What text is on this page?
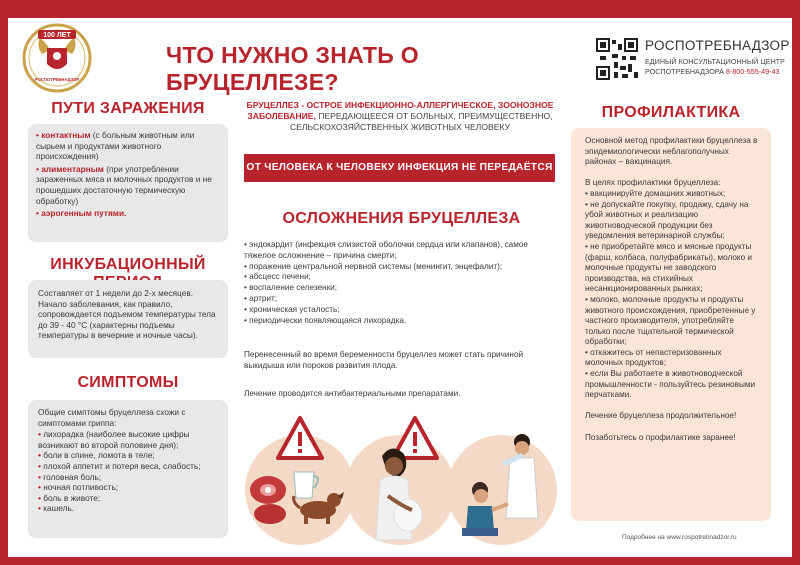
100 ЛЕТ
РОСПОТРЕБНАДЗОР
ЧТО НУЖНО ЗНАТЬ О БРУЦЕЛЛЕЗЕ?
РОСПОТРЕБНАДЗОР
ЕДИНЫЙ КОНСУЛЬТАЦИОННЫЙ ЦЕНТР
РОСПОТРЕБНАДЗОРА 8-800-555-49-43
ПУТИ ЗАРАЖЕНИЯ
• контактным (с больным животным или сырьем и продуктами животного происхождения)
• алиментарным (при употреблении зараженных мяса и молочных продуктов и не прошедших достаточную термическую обработку)
• аэрогенным путями.
ИНКУБАЦИОННЫЙ
Составляет от 1 недели до 2-х месяцев. Начало заболевания, как правило, сопровождается подъемом температуры тела до 39 - 40 °С (характерны подъемы температуры в вечерние и ночные часы).
СИМПТОМЫ
Общие симптомы бруцеллеза схожи с симптомами гриппа:
• лихорадка (наиболее высокие цифры возникают во второй половине дня);
• боли в спине, ломота в теле;
• плохой аппетит и потеря веса, слабость;
• головная боль;
• ночная потливость;
• боль в животе;
• кашель.
БРУЦЕЛЛЕЗ - ОСТРОЕ ИНФЕКЦИОННО-АЛЛЕРГИЧЕСКОЕ, ЗООНОЗНОЕ ЗАБОЛЕВАНИЕ, ПЕРЕДАЮЩЕЕСЯ ОТ БОЛЬНЫХ, ПРЕИМУЩЕСТВЕННО, СЕЛЬСКОХОЗЯЙСТВЕННЫХ ЖИВОТНЫХ ЧЕЛОВЕКУ
ОТ ЧЕЛОВЕКА К ЧЕЛОВЕКУ ИНФЕКЦИЯ НЕ ПЕРЕДАЁТСЯ
ОСЛОЖНЕНИЯ БРУЦЕЛЛЕЗА
• эндокардит (инфекция слизистой оболочки сердца или клапанов), самое тяжелое осложнение – причина смерти;
• поражение центральной нервной системы (менингит, энцефалит);
• абсцесс печени;
• воспаление селезенки;
• артрит;
• хроническая усталость;
• периодически появляющаяся лихорадка.
Перенесенный во время беременности бруцеллез может стать причиной выкидыша или пороков развития плода.
Лечение проводится антибактериальными препаратами.
ПРОФИЛАКТИКА
Основной метод профилактики бруцеллеза в эпидемиологически неблагополучных районах – вакцинация.
В целях профилактики бруцеллеза:
• вакцинируйте домашних животных;
• не допускайте покупку, продажу, сдачу на убой животных и реализацию животноводческой продукции без уведомления ветеринарной службы;
• не приобретайте мясо и мясные продукты (фарш, колбаса, полуфабрикаты), молоко и молочные продукты не заводского производства, на стихийных несанкционированных рынках;
• молоко, молочные продукты и продукты животного происхождения, приобретенные у частного производителя, употребляйте только после тщательной термической обработки;
• откажитесь от непастеризованных молочных продуктов;
• если Вы работаете в животноводческой промышленности - пользуйтесь резиновыми перчатками.
Лечение бруцеллеза продолжительное!
Позаботьтесь о профилактике заранее!
Подробнее на www.rospotrebnadzor.ru
